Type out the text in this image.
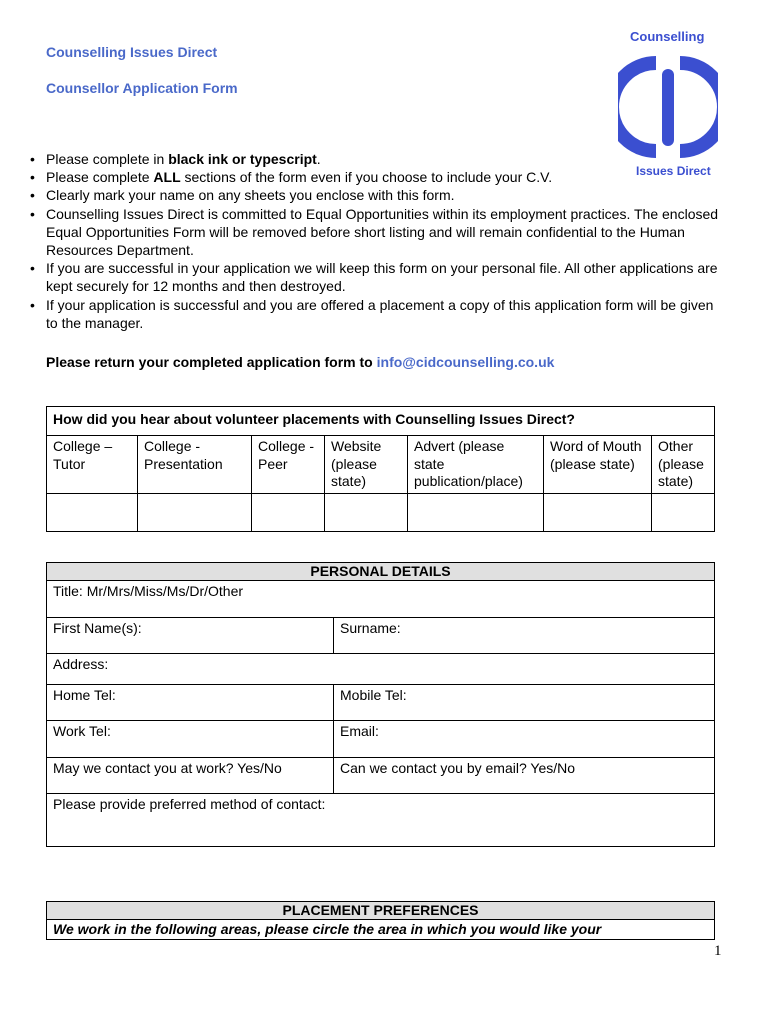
Counselling Issues Direct
Counsellor Application Form
Counselling
Issues Direct
• Please complete in black ink or typescript.
• Please complete ALL sections of the form even if you choose to include your C.V.
• Clearly mark your name on any sheets you enclose with this form.
• Counselling Issues Direct is committed to Equal Opportunities within its employment practices. The enclosed Equal Opportunities Form will be removed before short listing and will remain confidential to the Human Resources Department.
• If you are successful in your application we will keep this form on your personal file. All other applications are kept securely for 12 months and then destroyed.
• If your application is successful and you are offered a placement a copy of this application form will be given to the manager.
Please return your completed application form to info@cidcounselling.co.uk
How did you hear about volunteer placements with Counselling Issues Direct?						
College – Tutor	College - Presentation	College - Peer	Website (please state)	Advert (please state publication/place)	Word of Mouth (please state)	Other (please state)

PERSONAL DETAILS	
Title: Mr/Mrs/Miss/Ms/Dr/Other	
First Name(s):	Surname:
Address:	
Home Tel:	Mobile Tel:
Work Tel:	Email:
May we contact you at work? Yes/No	Can we contact you by email? Yes/No
Please provide preferred method of contact:	
PLACEMENT PREFERENCES
We work in the following areas, please circle the area in which you would like your
1
